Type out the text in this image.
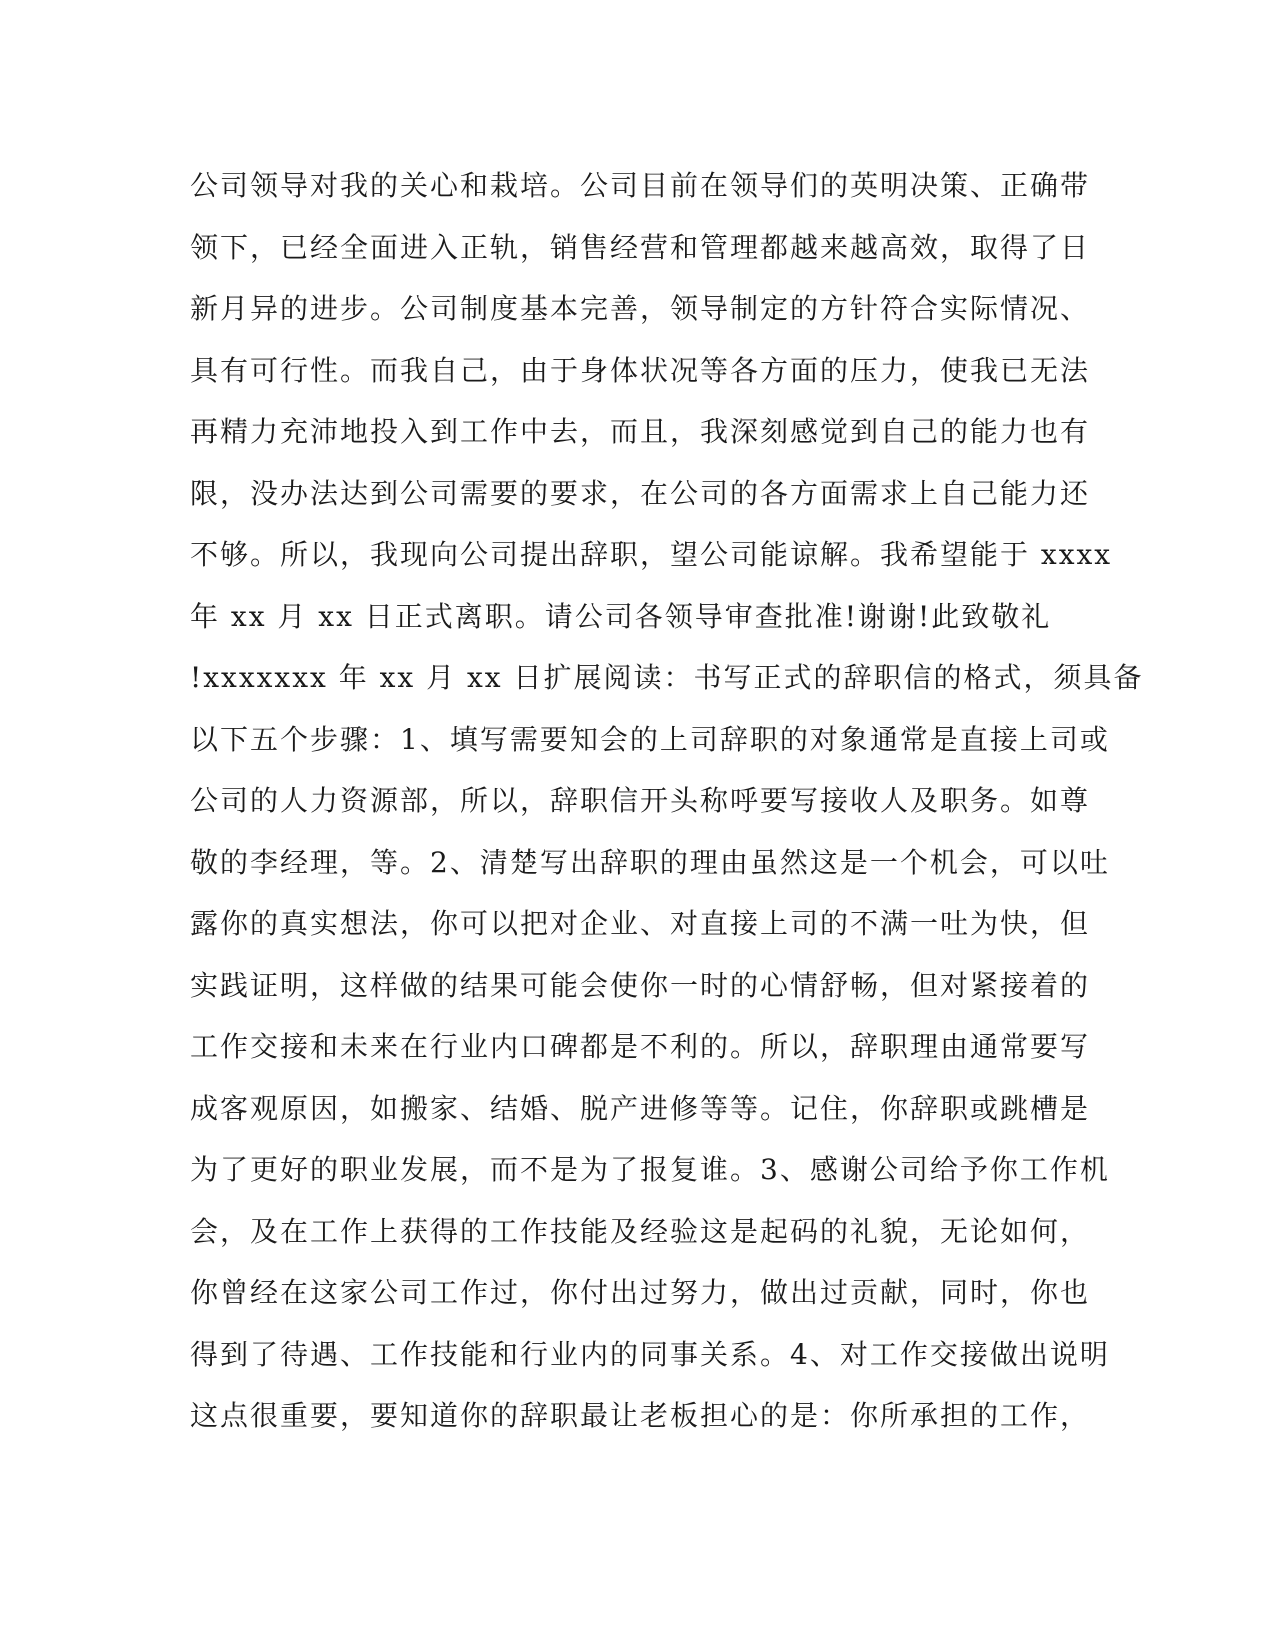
公司领导对我的关心和栽培。公司目前在领导们的英明决策、正确带
领下，已经全面进入正轨，销售经营和管理都越来越高效，取得了日
新月异的进步。公司制度基本完善，领导制定的方针符合实际情况、
具有可行性。而我自己，由于身体状况等各方面的压力，使我已无法
再精力充沛地投入到工作中去，而且，我深刻感觉到自己的能力也有
限，没办法达到公司需要的要求，在公司的各方面需求上自己能力还
不够。所以，我现向公司提出辞职，望公司能谅解。我希望能于 xxxx
年 xx 月 xx 日正式离职。请公司各领导审查批准!谢谢!此致敬礼
!xxxxxxx 年 xx 月 xx 日扩展阅读：书写正式的辞职信的格式，须具备
以下五个步骤：1、填写需要知会的上司辞职的对象通常是直接上司或
公司的人力资源部，所以，辞职信开头称呼要写接收人及职务。如尊
敬的李经理，等。2、清楚写出辞职的理由虽然这是一个机会，可以吐
露你的真实想法，你可以把对企业、对直接上司的不满一吐为快，但
实践证明，这样做的结果可能会使你一时的心情舒畅，但对紧接着的
工作交接和未来在行业内口碑都是不利的。所以，辞职理由通常要写
成客观原因，如搬家、结婚、脱产进修等等。记住，你辞职或跳槽是
为了更好的职业发展，而不是为了报复谁。3、感谢公司给予你工作机
会，及在工作上获得的工作技能及经验这是起码的礼貌，无论如何，
你曾经在这家公司工作过，你付出过努力，做出过贡献，同时，你也
得到了待遇、工作技能和行业内的同事关系。4、对工作交接做出说明
这点很重要，要知道你的辞职最让老板担心的是：你所承担的工作，
